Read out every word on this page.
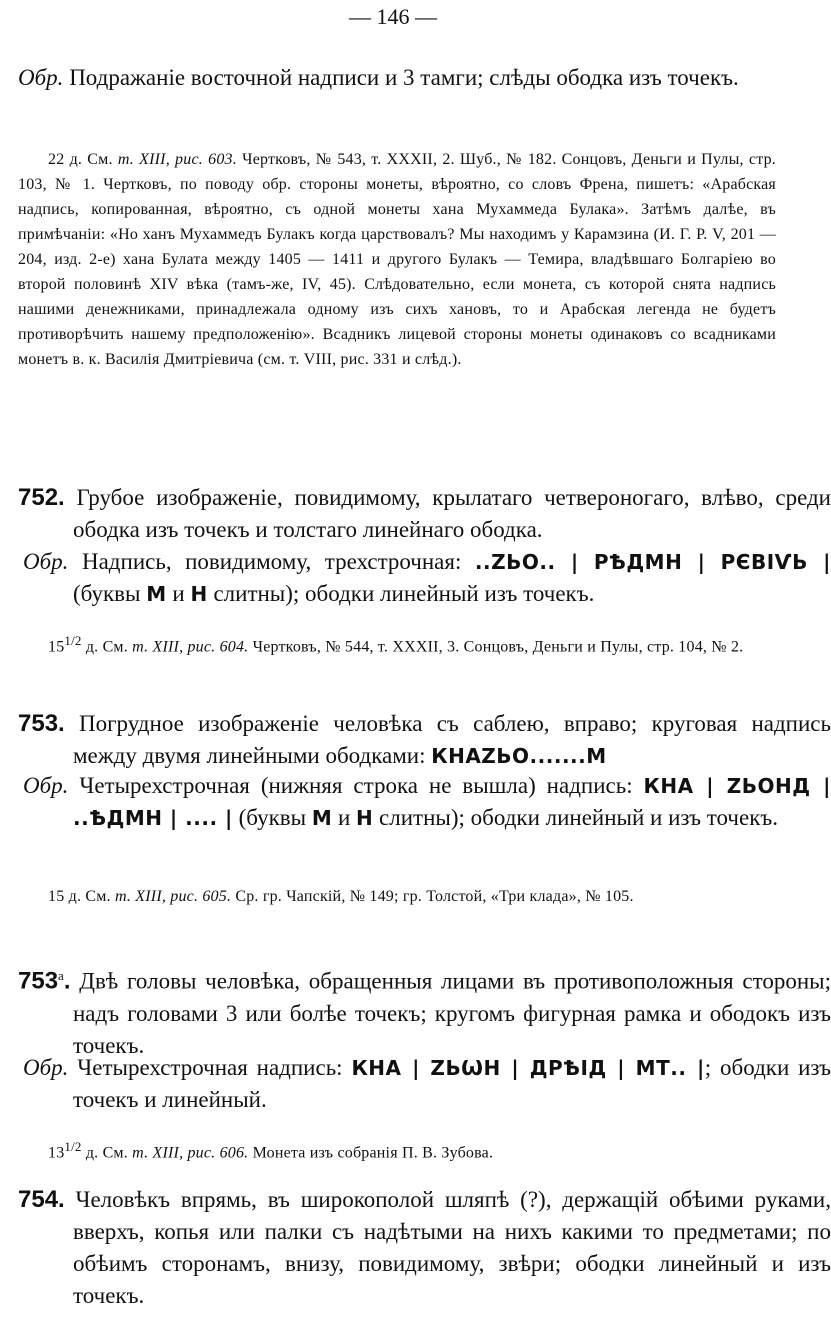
— 146 —
Обр. Подражаніе восточной надписи и 3 тамги; слѣды ободка изъ точекъ.
22 д. См. т. XIII, рис. 603. Чертковъ, № 543, т. XXXII, 2. Шуб., № 182. Сонцовъ, Деньги и Пулы, стр. 103, № 1. Чертковъ, по поводу обр. стороны монеты, вѣроятно, со словъ Френа, пишетъ: «Арабская надпись, копированная, вѣроятно, съ одной монеты хана Мухаммеда Булака». Затѣмъ далѣе, въ примѣчаніи: «Но ханъ Мухаммедъ Булакъ когда царствовалъ? Мы находимъ у Карамзина (И. Г. Р. V, 201 — 204, изд. 2-е) хана Булата между 1405 — 1411 и другого Булакъ — Темира, владѣвшаго Болгаріею во второй половинѣ XIV вѣка (тамъ-же, IV, 45). Слѣдовательно, если монета, съ которой снята надпись нашими денежниками, принадлежала одному изъ сихъ хановъ, то и Арабская легенда не будетъ противорѣчить нашему предположенію». Всадникъ лицевой стороны монеты одинаковъ со всадниками монетъ в. к. Василія Дмитріевича (см. т. VIII, рис. 331 и слѣд.).
752. Грубое изображеніе, повидимому, крылатаго четвероногаго, влѣво, среди ободка изъ точекъ и толстаго линейнаго ободка.
Обр. Надпись, повидимому, трехстрочная: ..ZЬО.. | РѢДМН | РЄВІѴЬ | (буквы М и Н слитны); ободки линейный изъ точекъ.
$15^{1/2}$ д. См. т. XIII, рис. 604. Чертковъ, № 544, т. XXXII, 3. Сонцовъ, Деньги и Пулы, стр. 104, № 2.
753. Погрудное изображеніе человѣка съ саблею, вправо; круговая надпись между двумя линейными ободками: КНАZЬО.......М
Обр. Четырехстрочная (нижняя строка не вышла) надпись: КНА | ZЬОНД | ..ѢДМН | .... | (буквы М и Н слитны); ободки линейный и изъ точекъ.
15 д. См. т. XIII, рис. 605. Ср. гр. Чапскій, № 149; гр. Толстой, «Три клада», № 105.
$753^а$. Двѣ головы человѣка, обращенныя лицами въ противоположныя стороны; надъ головами 3 или болѣе точекъ; кругомъ фигурная рамка и ободокъ изъ точекъ.
Обр. Четырехстрочная надпись: КНА | ZЬѠН | ДРѢІД | МТ.. |; ободки изъ точекъ и линейный.
$13^{1/2}$ д. См. т. XIII, рис. 606. Монета изъ собранія П. В. Зубова.
754. Человѣкъ впрямь, въ широкополой шляпѣ (?), держащій обѣими руками, вверхъ, копья или палки съ надѣтыми на нихъ какими то предметами; по обѣимъ сторонамъ, внизу, повидимому, звѣри; ободки линейный и изъ точекъ.
